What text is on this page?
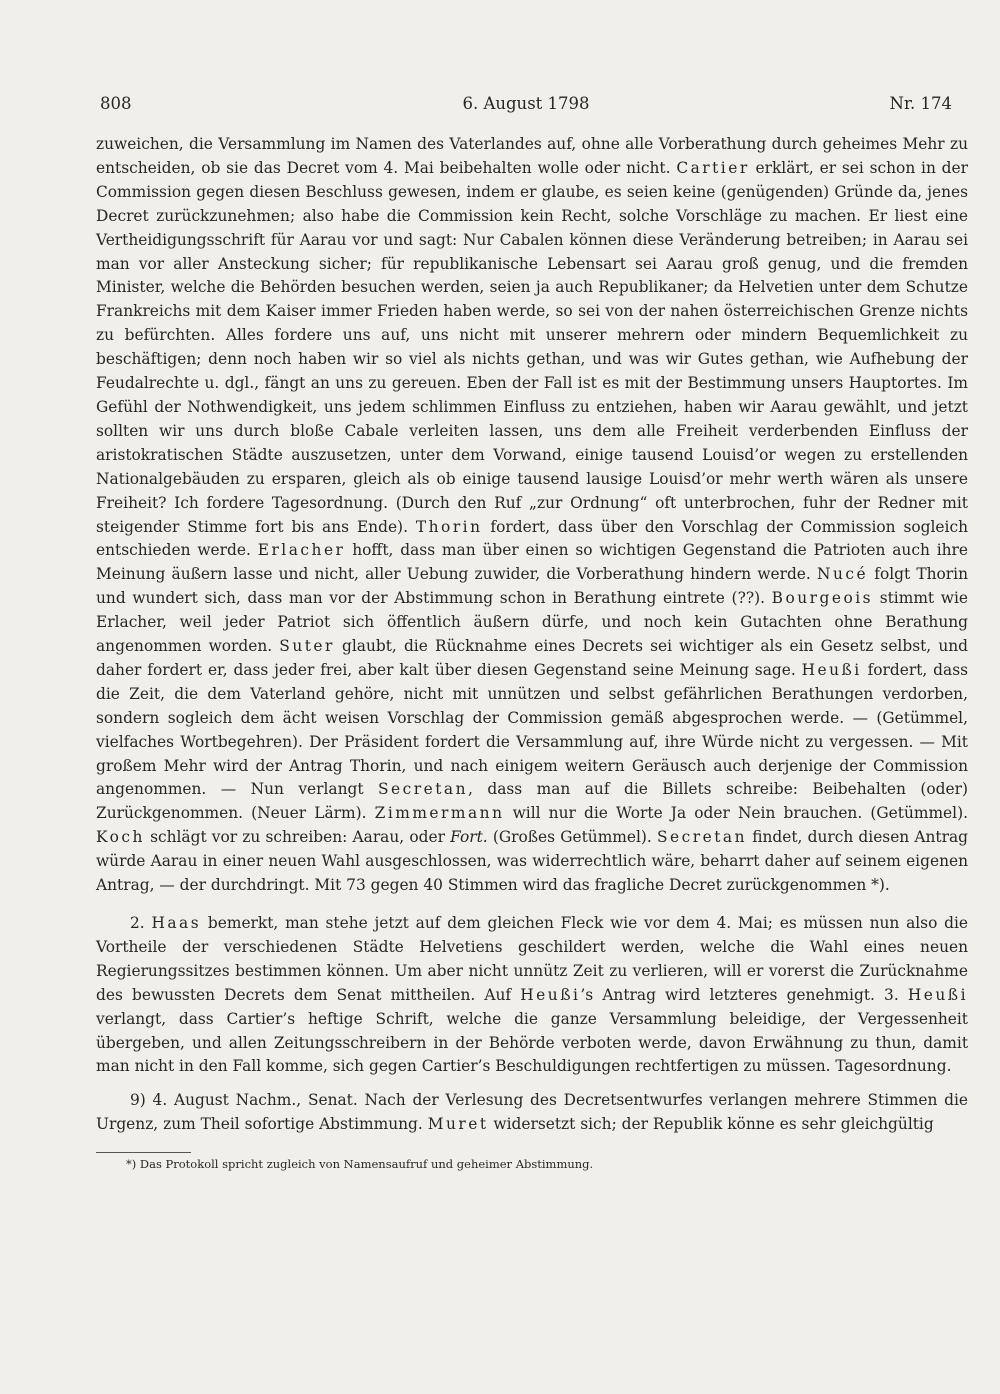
808	6. August 1798	Nr. 174

zuweichen, die Versammlung im Namen des Vaterlandes auf, ohne alle Vorberathung durch geheimes Mehr zu entscheiden, ob sie das Decret vom 4. Mai beibehalten wolle oder nicht. Cartier erklärt, er sei schon in der Commission gegen diesen Beschluss gewesen, indem er glaube, es seien keine (genügenden) Gründe da, jenes Decret zurückzunehmen; also habe die Commission kein Recht, solche Vorschläge zu machen. Er liest eine Vertheidigungsschrift für Aarau vor und sagt: Nur Cabalen können diese Veränderung betreiben; in Aarau sei man vor aller Ansteckung sicher; für republikanische Lebensart sei Aarau groß genug, und die fremden Minister, welche die Behörden besuchen werden, seien ja auch Republikaner; da Helvetien unter dem Schutze Frankreichs mit dem Kaiser immer Frieden haben werde, so sei von der nahen österreichischen Grenze nichts zu befürchten. Alles fordere uns auf, uns nicht mit unserer mehrern oder mindern Bequemlichkeit zu beschäftigen; denn noch haben wir so viel als nichts gethan, und was wir Gutes gethan, wie Aufhebung der Feudalrechte u. dgl., fängt an uns zu gereuen. Eben der Fall ist es mit der Bestimmung unsers Hauptortes. Im Gefühl der Nothwendigkeit, uns jedem schlimmen Einfluss zu entziehen, haben wir Aarau gewählt, und jetzt sollten wir uns durch bloße Cabale verleiten lassen, uns dem alle Freiheit verderbenden Einfluss der aristokratischen Städte auszusetzen, unter dem Vorwand, einige tausend Louisd’or wegen zu erstellenden Nationalgebäuden zu ersparen, gleich als ob einige tausend lausige Louisd’or mehr werth wären als unsere Freiheit? Ich fordere Tagesordnung. (Durch den Ruf „zur Ordnung“ oft unterbrochen, fuhr der Redner mit steigender Stimme fort bis ans Ende). Thorin fordert, dass über den Vorschlag der Commission sogleich entschieden werde. Erlacher hofft, dass man über einen so wichtigen Gegenstand die Patrioten auch ihre Meinung äußern lasse und nicht, aller Uebung zuwider, die Vorberathung hindern werde. Nucé folgt Thorin und wundert sich, dass man vor der Abstimmung schon in Berathung eintrete (??). Bourgeois stimmt wie Erlacher, weil jeder Patriot sich öffentlich äußern dürfe, und noch kein Gutachten ohne Berathung angenommen worden. Suter glaubt, die Rücknahme eines Decrets sei wichtiger als ein Gesetz selbst, und daher fordert er, dass jeder frei, aber kalt über diesen Gegenstand seine Meinung sage. Heußi fordert, dass die Zeit, die dem Vaterland gehöre, nicht mit unnützen und selbst gefährlichen Berathungen verdorben, sondern sogleich dem ächt weisen Vorschlag der Commission gemäß abgesprochen werde. — (Getümmel, vielfaches Wortbegehren). Der Präsident fordert die Versammlung auf, ihre Würde nicht zu vergessen. — Mit großem Mehr wird der Antrag Thorin, und nach einigem weitern Geräusch auch derjenige der Commission angenommen. — Nun verlangt Secretan, dass man auf die Billets schreibe: Beibehalten (oder) Zurückgenommen. (Neuer Lärm). Zimmermann will nur die Worte Ja oder Nein brauchen. (Getümmel). Koch schlägt vor zu schreiben: Aarau, oder Fort. (Großes Getümmel). Secretan findet, durch diesen Antrag würde Aarau in einer neuen Wahl ausgeschlossen, was widerrechtlich wäre, beharrt daher auf seinem eigenen Antrag, — der durchdringt. Mit 73 gegen 40 Stimmen wird das fragliche Decret zurückgenommen *).

2. Haas bemerkt, man stehe jetzt auf dem gleichen Fleck wie vor dem 4. Mai; es müssen nun also die Vortheile der verschiedenen Städte Helvetiens geschildert werden, welche die Wahl eines neuen Regierungssitzes bestimmen können. Um aber nicht unnütz Zeit zu verlieren, will er vorerst die Zurücknahme des bewussten Decrets dem Senat mittheilen. Auf Heußi’s Antrag wird letzteres genehmigt. 3. Heußi verlangt, dass Cartier’s heftige Schrift, welche die ganze Versammlung beleidige, der Vergessenheit übergeben, und allen Zeitungsschreibern in der Behörde verboten werde, davon Erwähnung zu thun, damit man nicht in den Fall komme, sich gegen Cartier’s Beschuldigungen rechtfertigen zu müssen. Tagesordnung.

9) 4. August Nachm., Senat. Nach der Verlesung des Decretsentwurfes verlangen mehrere Stimmen die Urgenz, zum Theil sofortige Abstimmung. Muret widersetzt sich; der Republik könne es sehr gleichgültig

*) Das Protokoll spricht zugleich von Namensaufruf und geheimer Abstimmung.
